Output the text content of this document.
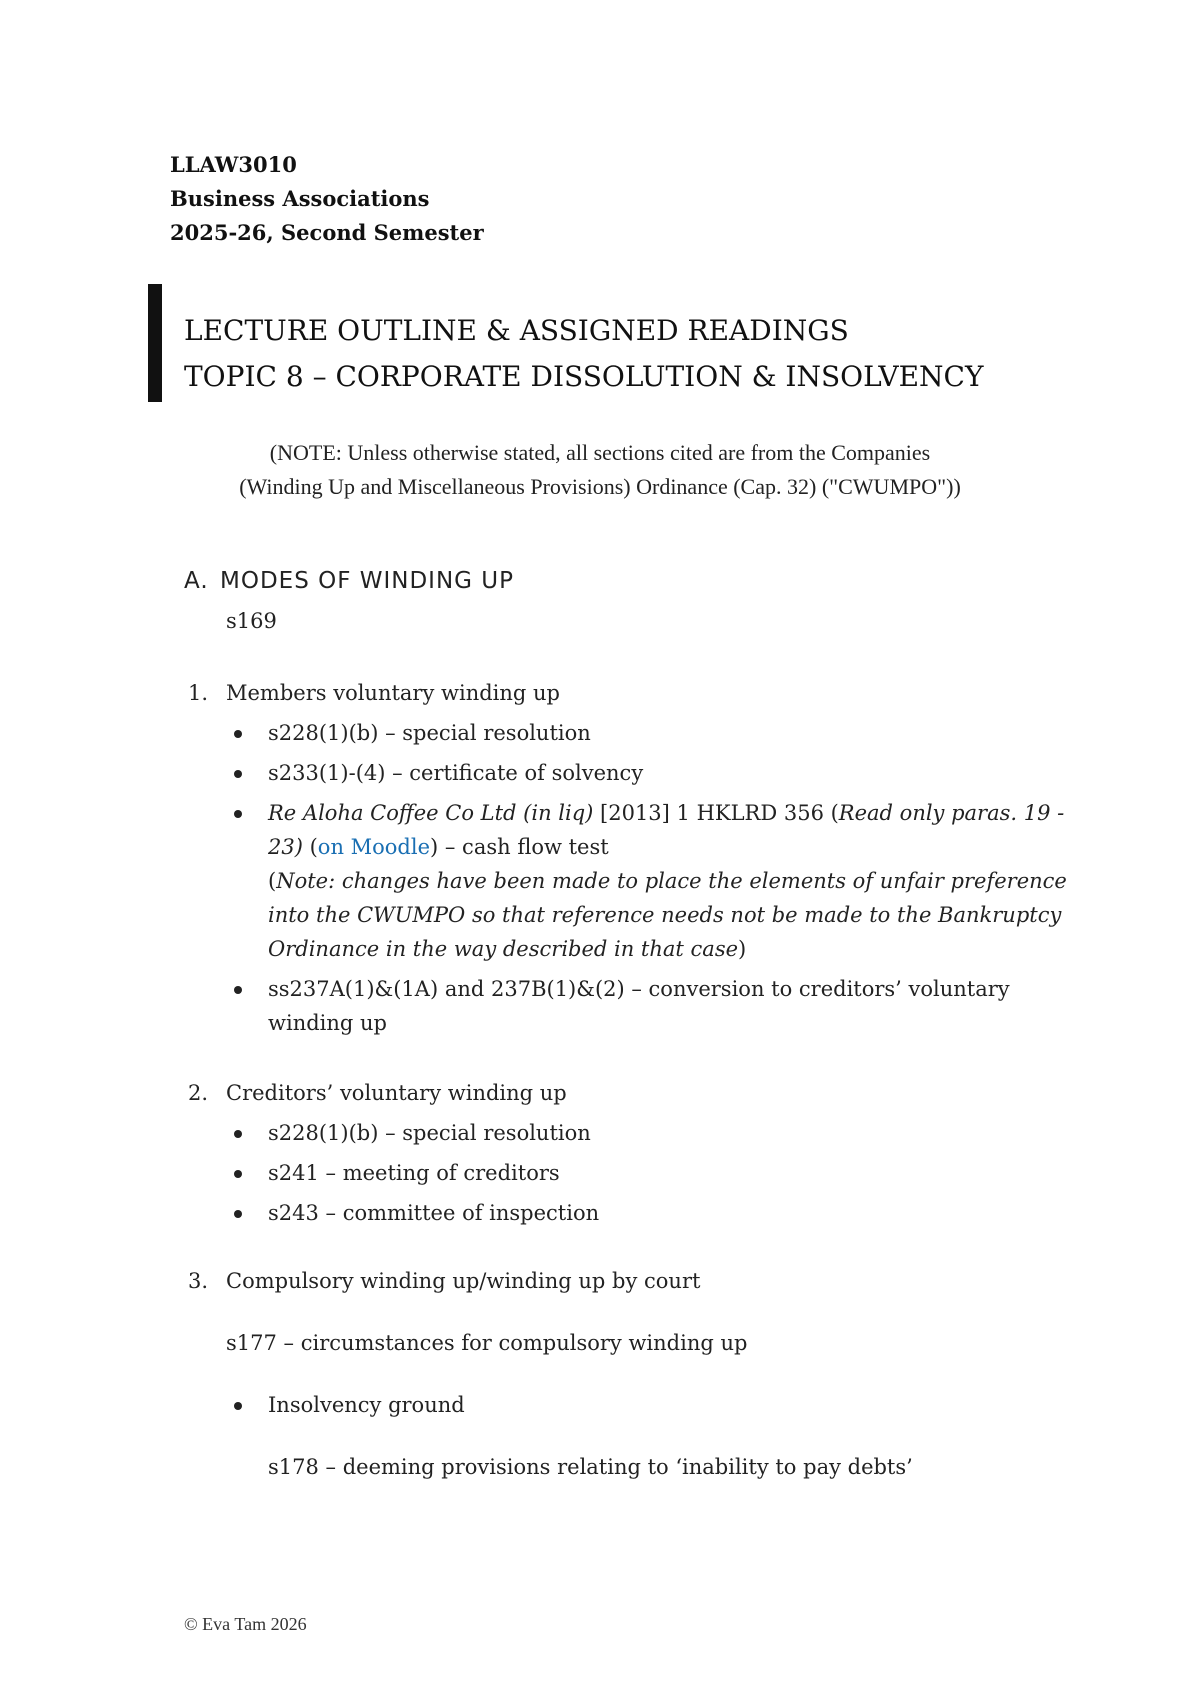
LLAW3010
Business Associations
2025-26, Second Semester
LECTURE OUTLINE & ASSIGNED READINGS
TOPIC 8 – CORPORATE DISSOLUTION & INSOLVENCY
(NOTE: Unless otherwise stated, all sections cited are from the Companies
(Winding Up and Miscellaneous Provisions) Ordinance (Cap. 32) ("CWUMPO"))
A. MODES OF WINDING UP
s169
1. Members voluntary winding up
s228(1)(b) – special resolution
s233(1)-(4) – certificate of solvency
Re Aloha Coffee Co Ltd (in liq) [2013] 1 HKLRD 356 (Read only paras. 19 -
23) (on Moodle) – cash flow test
(Note: changes have been made to place the elements of unfair preference
into the CWUMPO so that reference needs not be made to the Bankruptcy
Ordinance in the way described in that case)
ss237A(1)&(1A) and 237B(1)&(2) – conversion to creditors’ voluntary
winding up
2. Creditors’ voluntary winding up
s228(1)(b) – special resolution
s241 – meeting of creditors
s243 – committee of inspection
3. Compulsory winding up/winding up by court
s177 – circumstances for compulsory winding up
Insolvency ground
s178 – deeming provisions relating to ‘inability to pay debts’
© Eva Tam 2026
